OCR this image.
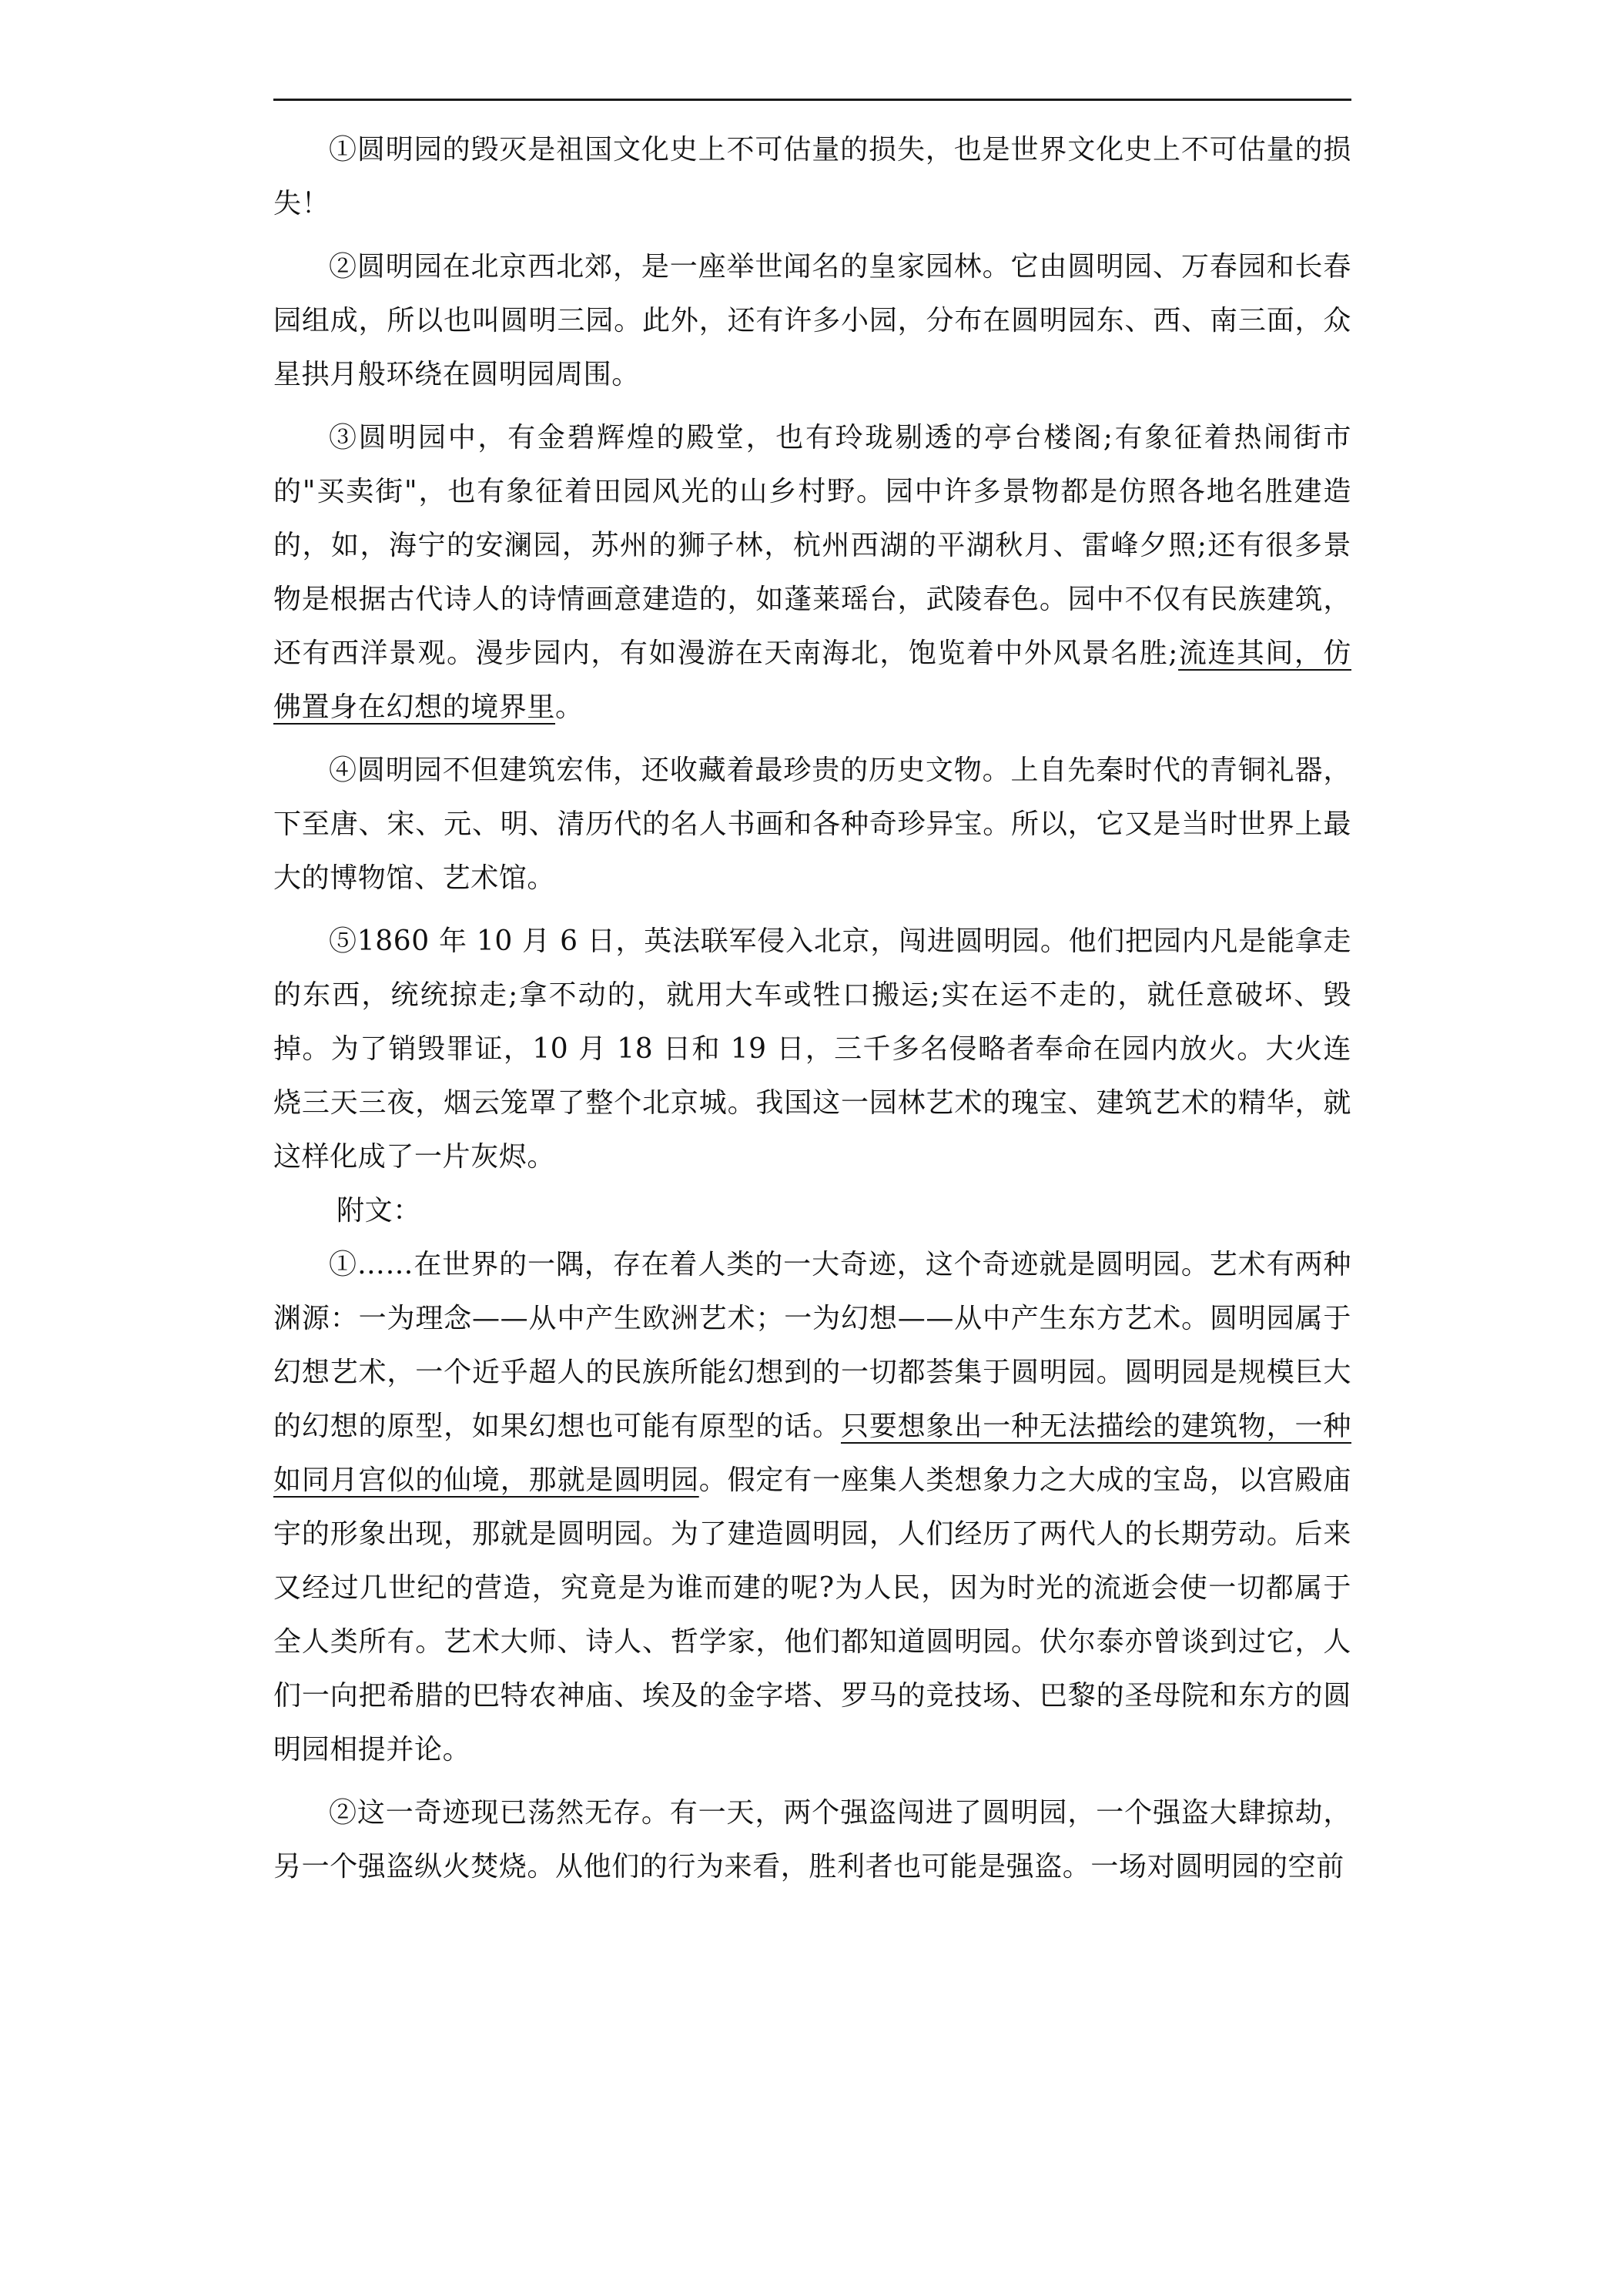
①圆明园的毁灭是祖国文化史上不可估量的损失，也是世界文化史上不可估量的损失！

②圆明园在北京西北郊，是一座举世闻名的皇家园林。它由圆明园、万春园和长春园组成，所以也叫圆明三园。此外，还有许多小园，分布在圆明园东、西、南三面，众星拱月般环绕在圆明园周围。

③圆明园中，有金碧辉煌的殿堂，也有玲珑剔透的亭台楼阁;有象征着热闹街市的"买卖街"，也有象征着田园风光的山乡村野。园中许多景物都是仿照各地名胜建造的，如，海宁的安澜园，苏州的狮子林，杭州西湖的平湖秋月、雷峰夕照;还有很多景物是根据古代诗人的诗情画意建造的，如蓬莱瑶台，武陵春色。园中不仅有民族建筑，还有西洋景观。漫步园内，有如漫游在天南海北，饱览着中外风景名胜;流连其间，仿佛置身在幻想的境界里。

④圆明园不但建筑宏伟，还收藏着最珍贵的历史文物。上自先秦时代的青铜礼器，下至唐、宋、元、明、清历代的名人书画和各种奇珍异宝。所以，它又是当时世界上最大的博物馆、艺术馆。

⑤1860 年 10 月 6 日，英法联军侵入北京，闯进圆明园。他们把园内凡是能拿走的东西，统统掠走;拿不动的，就用大车或牲口搬运;实在运不走的，就任意破坏、毁掉。为了销毁罪证，10 月 18 日和 19 日，三千多名侵略者奉命在园内放火。大火连烧三天三夜，烟云笼罩了整个北京城。我国这一园林艺术的瑰宝、建筑艺术的精华，就这样化成了一片灰烬。

附文：

①……在世界的一隅，存在着人类的一大奇迹，这个奇迹就是圆明园。艺术有两种渊源：一为理念——从中产生欧洲艺术；一为幻想——从中产生东方艺术。圆明园属于幻想艺术，一个近乎超人的民族所能幻想到的一切都荟集于圆明园。圆明园是规模巨大的幻想的原型，如果幻想也可能有原型的话。只要想象出一种无法描绘的建筑物，一种如同月宫似的仙境，那就是圆明园。假定有一座集人类想象力之大成的宝岛，以宫殿庙宇的形象出现，那就是圆明园。为了建造圆明园，人们经历了两代人的长期劳动。后来又经过几世纪的营造，究竟是为谁而建的呢?为人民，因为时光的流逝会使一切都属于全人类所有。艺术大师、诗人、哲学家，他们都知道圆明园。伏尔泰亦曾谈到过它，人们一向把希腊的巴特农神庙、埃及的金字塔、罗马的竞技场、巴黎的圣母院和东方的圆明园相提并论。

②这一奇迹现已荡然无存。有一天，两个强盗闯进了圆明园，一个强盗大肆掠劫，另一个强盗纵火焚烧。从他们的行为来看，胜利者也可能是强盗。一场对圆明园的空前
